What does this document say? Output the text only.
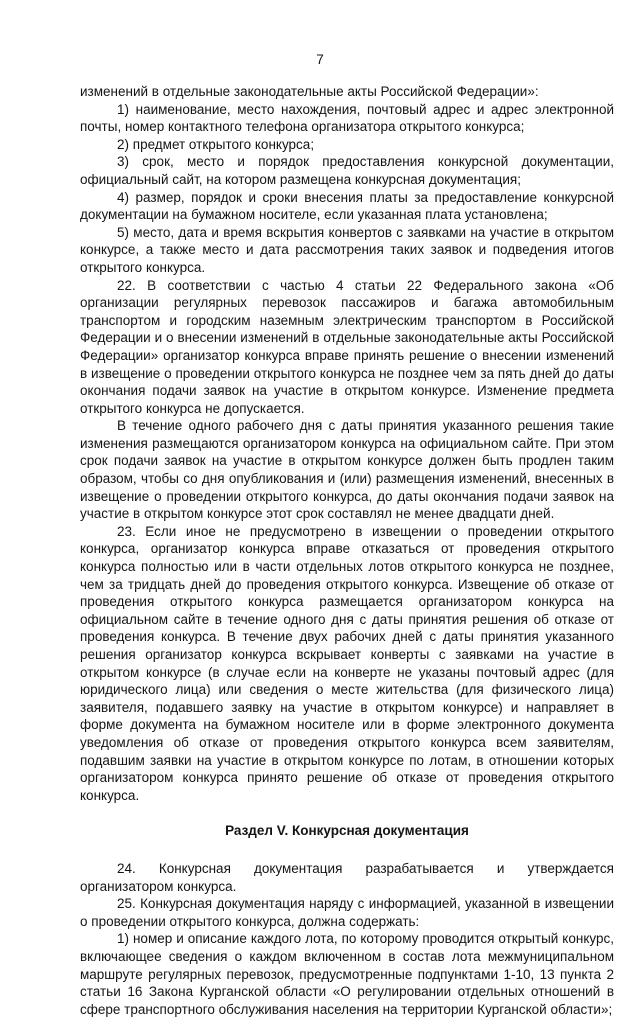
7

изменений в отдельные законодательные акты Российской Федерации»:

1) наименование, место нахождения, почтовый адрес и адрес электронной почты, номер контактного телефона организатора открытого конкурса;

2) предмет открытого конкурса;

3) срок, место и порядок предоставления конкурсной документации, официальный сайт, на котором размещена конкурсная документация;

4) размер, порядок и сроки внесения платы за предоставление конкурсной документации на бумажном носителе, если указанная плата установлена;

5) место, дата и время вскрытия конвертов с заявками на участие в открытом конкурсе, а также место и дата рассмотрения таких заявок и подведения итогов открытого конкурса.

22. В соответствии с частью 4 статьи 22 Федерального закона «Об организации регулярных перевозок пассажиров и багажа автомобильным транспортом и городским наземным электрическим транспортом в Российской Федерации и о внесении изменений в отдельные законодательные акты Российской Федерации» организатор конкурса вправе принять решение о внесении изменений в извещение о проведении открытого конкурса не позднее чем за пять дней до даты окончания подачи заявок на участие в открытом конкурсе. Изменение предмета открытого конкурса не допускается.

В течение одного рабочего дня с даты принятия указанного решения такие изменения размещаются организатором конкурса на официальном сайте. При этом срок подачи заявок на участие в открытом конкурсе должен быть продлен таким образом, чтобы со дня опубликования и (или) размещения изменений, внесенных в извещение о проведении открытого конкурса, до даты окончания подачи заявок на участие в открытом конкурсе этот срок составлял не менее двадцати дней.

23. Если иное не предусмотрено в извещении о проведении открытого конкурса, организатор конкурса вправе отказаться от проведения открытого конкурса полностью или в части отдельных лотов открытого конкурса не позднее, чем за тридцать дней до проведения открытого конкурса. Извещение об отказе от проведения открытого конкурса размещается организатором конкурса на официальном сайте в течение одного дня с даты принятия решения об отказе от проведения конкурса. В течение двух рабочих дней с даты принятия указанного решения организатор конкурса вскрывает конверты с заявками на участие в открытом конкурсе (в случае если на конверте не указаны почтовый адрес (для юридического лица) или сведения о месте жительства (для физического лица) заявителя, подавшего заявку на участие в открытом конкурсе) и направляет в форме документа на бумажном носителе или в форме электронного документа уведомления об отказе от проведения открытого конкурса всем заявителям, подавшим заявки на участие в открытом конкурсе по лотам, в отношении которых организатором конкурса принято решение об отказе от проведения открытого конкурса.

Раздел V. Конкурсная документация

24. Конкурсная документация разрабатывается и утверждается организатором конкурса.

25. Конкурсная документация наряду с информацией, указанной в извещении о проведении открытого конкурса, должна содержать:

1) номер и описание каждого лота, по которому проводится открытый конкурс, включающее сведения о каждом включенном в состав лота межмуниципальном маршруте регулярных перевозок, предусмотренные подпунктами 1-10, 13 пункта 2 статьи 16 Закона Курганской области «О регулировании отдельных отношений в сфере транспортного обслуживания населения на территории Курганской области»;
